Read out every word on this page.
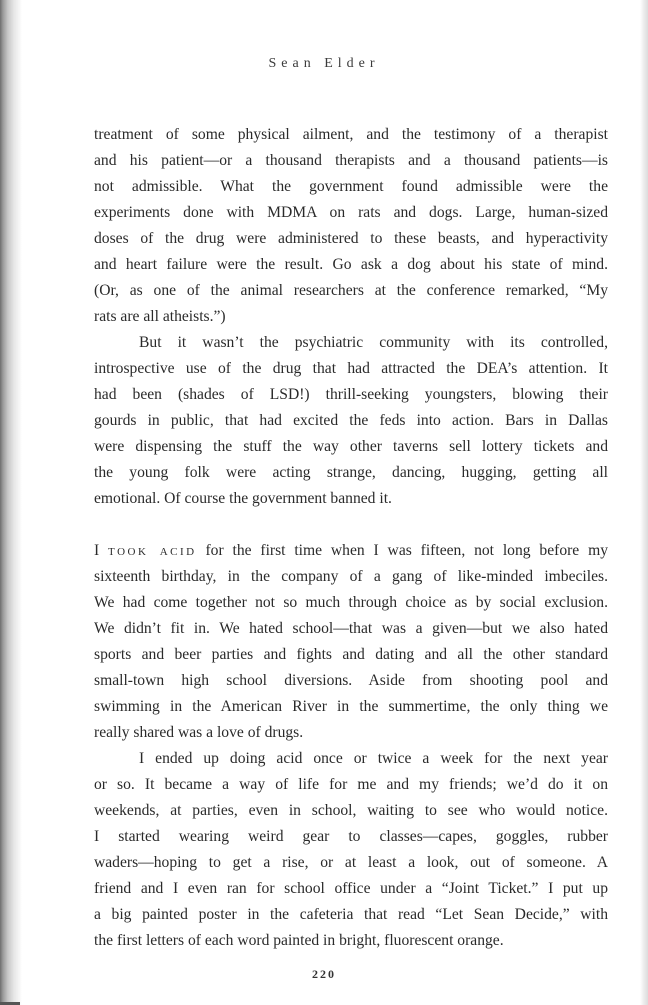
Sean Elder
treatment of some physical ailment, and the testimony of a therapist
and his patient—or a thousand therapists and a thousand patients—is
not admissible. What the government found admissible were the
experiments done with MDMA on rats and dogs. Large, human-sized
doses of the drug were administered to these beasts, and hyperactivity
and heart failure were the result. Go ask a dog about his state of mind.
(Or, as one of the animal researchers at the conference remarked, “My
rats are all atheists.”)
But it wasn’t the psychiatric community with its controlled,
introspective use of the drug that had attracted the DEA’s attention. It
had been (shades of LSD!) thrill-seeking youngsters, blowing their
gourds in public, that had excited the feds into action. Bars in Dallas
were dispensing the stuff the way other taverns sell lottery tickets and
the young folk were acting strange, dancing, hugging, getting all
emotional. Of course the government banned it.
I took acid for the first time when I was fifteen, not long before my
sixteenth birthday, in the company of a gang of like-minded imbeciles.
We had come together not so much through choice as by social exclusion.
We didn’t fit in. We hated school—that was a given—but we also hated
sports and beer parties and fights and dating and all the other standard
small-town high school diversions. Aside from shooting pool and
swimming in the American River in the summertime, the only thing we
really shared was a love of drugs.
I ended up doing acid once or twice a week for the next year
or so. It became a way of life for me and my friends; we’d do it on
weekends, at parties, even in school, waiting to see who would notice.
I started wearing weird gear to classes—capes, goggles, rubber
waders—hoping to get a rise, or at least a look, out of someone. A
friend and I even ran for school office under a “Joint Ticket.” I put up
a big painted poster in the cafeteria that read “Let Sean Decide,” with
the first letters of each word painted in bright, fluorescent orange.
220
